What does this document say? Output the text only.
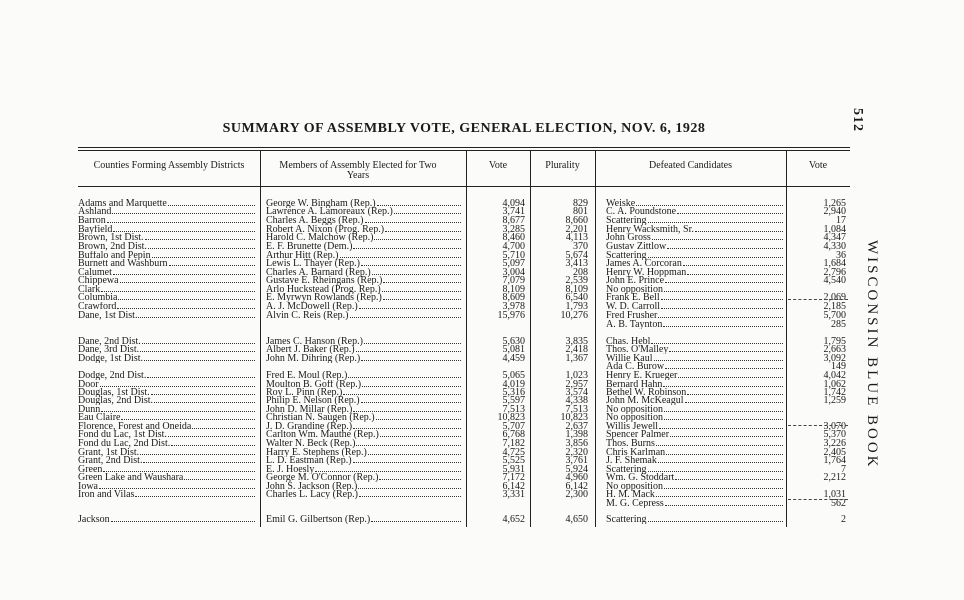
512
WISCONSIN BLUE BOOK
SUMMARY OF ASSEMBLY VOTE, GENERAL ELECTION, NOV. 6, 1928
Counties Forming Assembly Districts	Members of Assembly Elected for Two Years
Vote	Plurality	Defeated Candidates	Vote
Adams and Marquette	George W. Bingham (Rep.)	4,094	829 Weiske	1,265
Ashland	Lawrence A. Lamoreaux (Rep.)	3,741	801 C. A. Poundstone	2,940
Barron	Charles A. Beggs (Rep.)	8,677	8,660 Scattering	17
Bayfield	Robert A. Nixon (Prog. Rep.)	3,285	2,201 Henry Wacksmith, Sr.	1,084
Brown, 1st Dist.	Harold C. Malchow (Rep.)	8,460	4,113 John Gross	4,347
Brown, 2nd Dist.	E. F. Brunette (Dem.)	4,700	370 Gustav Zittlow	4,330
Buffalo and Pepin	Arthur Hitt (Rep.)	5,710	5,674 Scattering	36
Burnett and Washburn	Lewis L. Thayer (Rep.)	5,097	3,413 James A. Corcoran	1,684
Calumet	Charles A. Barnard (Rep.)	3,004	208 Henry W. Hoppman	2,796
Chippewa	Gustave E. Rheingans (Rep.)	7,079	2,539 John E. Prince	4,540
Clark	Arlo Huckstead (Prog. Rep.)	8,109	8,109 No opposition
Columbia	E. Myrwyn Rowlands (Rep.)	8,609	6,540 Frank E. Bell	2,069
Crawford	A. J. McDowell (Rep.)	3,978	1,793 W. D. Carroll	2,185
Dane, 1st Dist.	Alvin C. Reis (Rep.)	15,976	10,276 Fred Frusher	5,700
A. B. Taynton	285
Dane, 2nd Dist.	James C. Hanson (Rep.)	5,630	3,835 Chas. Hebl	1,795
Dane, 3rd Dist.	Albert J. Baker (Rep.)	5,081	2,418 Thos. O'Malley	2,663
Dodge, 1st Dist.	John M. Dihring (Rep.)	4,459	1,367 Willie Kaul	3,092
Ada C. Burow	149
Dodge, 2nd Dist.	Fred E. Moul (Rep.)	5,065	1,023 Henry E. Krueger	4,042
Door	Moulton B. Goff (Rep.)	4,019	2,957 Bernard Hahn	1,062
Douglas, 1st Dist.	Roy L. Pinn (Rep.)	5,316	3,574 Bethel W. Robinson	1,742
Douglas, 2nd Dist.	Philip E. Nelson (Rep.)	5,597	4,338 John M. McKeagul	1,259
Dunn	John D. Millar (Rep.)	7,513	7,513 No opposition
Eau Claire	Christian N. Saugen (Rep.)	10,823	10,823 No opposition
Florence, Forest and Oneida	J. D. Grandine (Rep.)	5,707	2,637 Willis Jewell	3,070
Fond du Lac, 1st Dist.	Carlton Wm. Mauthe (Rep.)	6,768	1,398 Spencer Palmer	5,370
Fond du Lac, 2nd Dist.	Walter N. Beck (Rep.)	7,182	3,856 Thos. Burns	3,226
Grant, 1st Dist.	Harry E. Stephens (Rep.)	4,725	2,320 Chris Karlman	2,405
Grant, 2nd Dist.	L. D. Eastman (Rep.)	5,525	3,761 J. F. Shemak	1,764
Green	E. J. Hoesly	5,931	5,924 Scattering	7
Green Lake and Waushara	George M. O'Connor (Rep.)	7,172	4,960 Wm. G. Stoddart	2,212
Iowa	John S. Jackson (Rep.)	6,142	6,142 No opposition
Iron and Vilas	Charles L. Lacy (Rep.)	3,331	2,300 H. M. Mack	1,031
M. G. Cepress	562
Jackson	Emil G. Gilbertson (Rep.)	4,652	4,650 Scattering	2
